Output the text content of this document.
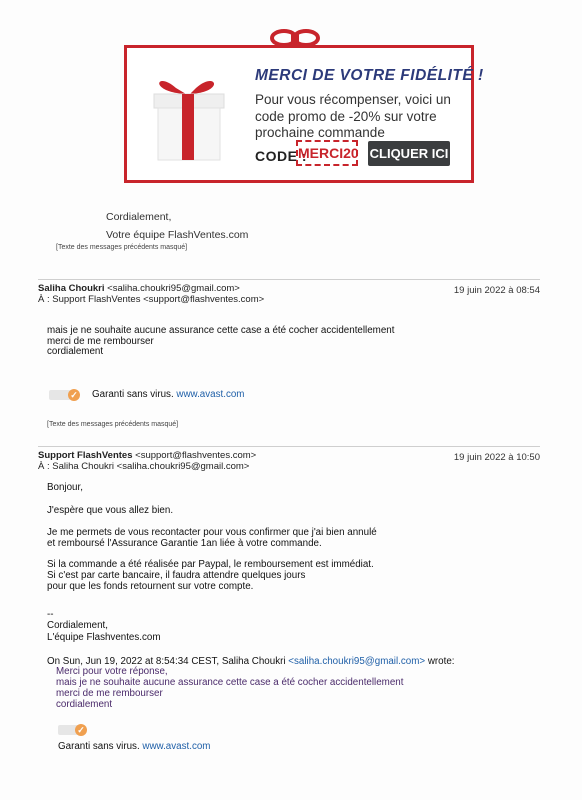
MERCI DE VOTRE FIDÉLITÉ !
Pour vous récompenser, voici un code promo de -20% sur votre prochaine commande
CODE :
MERCI20 CLIQUER ICI
Cordialement,
Votre équipe FlashVentes.com
[Texte des messages précédents masqué]
Saliha Choukri <saliha.choukri95@gmail.com>	19 juin 2022 à 08:54
À : Support FlashVentes <support@flashventes.com>
mais je ne souhaite aucune assurance cette case a été cocher accidentellement
merci de me rembourser
cordialement
✓ Garanti sans virus. www.avast.com
[Texte des messages précédents masqué]
Support FlashVentes <support@flashventes.com>	19 juin 2022 à 10:50
À : Saliha Choukri <saliha.choukri95@gmail.com>
Bonjour,
J'espère que vous allez bien.
Je me permets de vous recontacter pour vous confirmer que j'ai bien annulé
et remboursé l'Assurance Garantie 1an liée à votre commande.
Si la commande a été réalisée par Paypal, le remboursement est immédiat.
Si c'est par carte bancaire, il faudra attendre quelques jours
pour que les fonds retournent sur votre compte.
--
Cordialement,
L'équipe Flashventes.com
On Sun, Jun 19, 2022 at 8:54:34 CEST, Saliha Choukri <saliha.choukri95@gmail.com> wrote:
Merci pour votre réponse,
mais je ne souhaite aucune assurance cette case a été cocher accidentellement
merci de me rembourser
cordialement
✓
Garanti sans virus. www.avast.com
